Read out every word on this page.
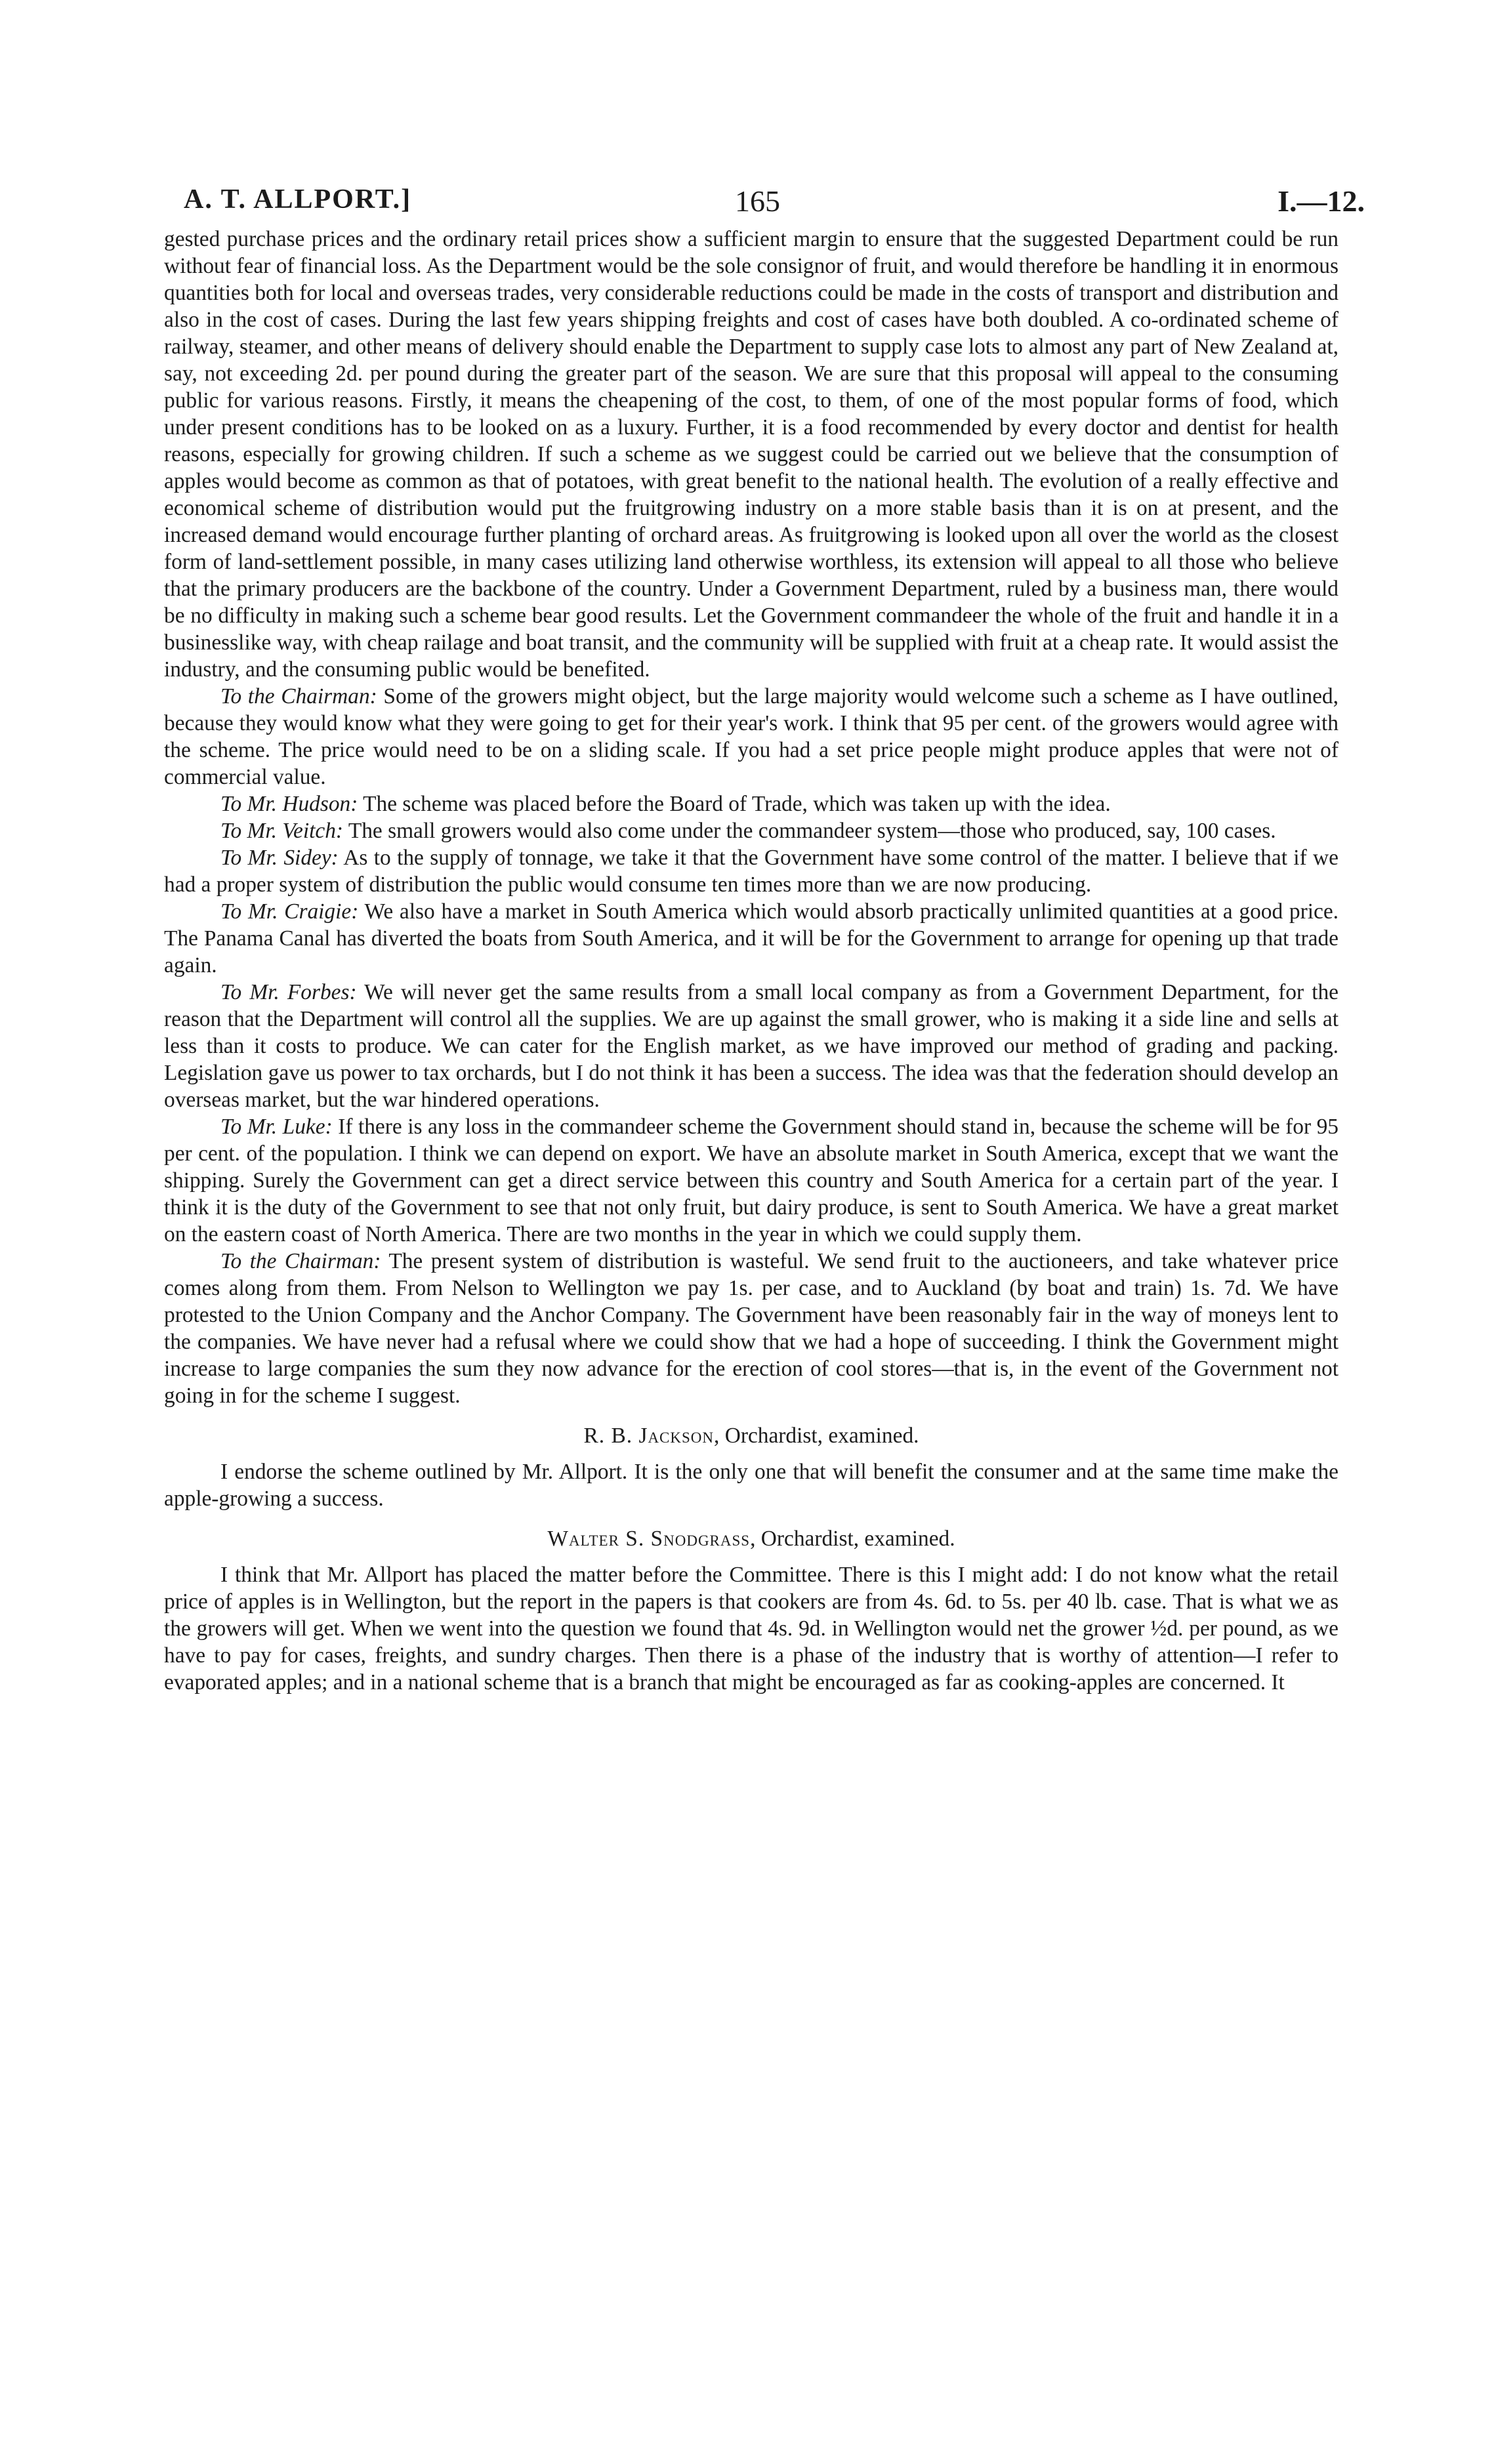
A. T. ALLPORT.]	165	I.—12.

gested purchase prices and the ordinary retail prices show a sufficient margin to ensure that the suggested Department could be run without fear of financial loss. As the Department would be the sole consignor of fruit, and would therefore be handling it in enormous quantities both for local and overseas trades, very considerable reductions could be made in the costs of transport and distribution and also in the cost of cases. During the last few years shipping freights and cost of cases have both doubled. A co-ordinated scheme of railway, steamer, and other means of delivery should enable the Department to supply case lots to almost any part of New Zealand at, say, not exceeding 2d. per pound during the greater part of the season. We are sure that this proposal will appeal to the consuming public for various reasons. Firstly, it means the cheapening of the cost, to them, of one of the most popular forms of food, which under present conditions has to be looked on as a luxury. Further, it is a food recommended by every doctor and dentist for health reasons, especially for growing children. If such a scheme as we suggest could be carried out we believe that the consumption of apples would become as common as that of potatoes, with great benefit to the national health. The evolution of a really effective and economical scheme of distribution would put the fruitgrowing industry on a more stable basis than it is on at present, and the increased demand would encourage further planting of orchard areas. As fruitgrowing is looked upon all over the world as the closest form of land-settlement possible, in many cases utilizing land otherwise worthless, its extension will appeal to all those who believe that the primary producers are the backbone of the country. Under a Government Department, ruled by a business man, there would be no difficulty in making such a scheme bear good results. Let the Government commandeer the whole of the fruit and handle it in a businesslike way, with cheap railage and boat transit, and the community will be supplied with fruit at a cheap rate. It would assist the industry, and the consuming public would be benefited.

To the Chairman: Some of the growers might object, but the large majority would welcome such a scheme as I have outlined, because they would know what they were going to get for their year's work. I think that 95 per cent. of the growers would agree with the scheme. The price would need to be on a sliding scale. If you had a set price people might produce apples that were not of commercial value.

To Mr. Hudson: The scheme was placed before the Board of Trade, which was taken up with the idea.

To Mr. Veitch: The small growers would also come under the commandeer system—those who produced, say, 100 cases.

To Mr. Sidey: As to the supply of tonnage, we take it that the Government have some control of the matter. I believe that if we had a proper system of distribution the public would consume ten times more than we are now producing.

To Mr. Craigie: We also have a market in South America which would absorb practically unlimited quantities at a good price. The Panama Canal has diverted the boats from South America, and it will be for the Government to arrange for opening up that trade again.

To Mr. Forbes: We will never get the same results from a small local company as from a Government Department, for the reason that the Department will control all the supplies. We are up against the small grower, who is making it a side line and sells at less than it costs to produce. We can cater for the English market, as we have improved our method of grading and packing. Legislation gave us power to tax orchards, but I do not think it has been a success. The idea was that the federation should develop an overseas market, but the war hindered operations.

To Mr. Luke: If there is any loss in the commandeer scheme the Government should stand in, because the scheme will be for 95 per cent. of the population. I think we can depend on export. We have an absolute market in South America, except that we want the shipping. Surely the Government can get a direct service between this country and South America for a certain part of the year. I think it is the duty of the Government to see that not only fruit, but dairy produce, is sent to South America. We have a great market on the eastern coast of North America. There are two months in the year in which we could supply them.

To the Chairman: The present system of distribution is wasteful. We send fruit to the auctioneers, and take whatever price comes along from them. From Nelson to Wellington we pay 1s. per case, and to Auckland (by boat and train) 1s. 7d. We have protested to the Union Company and the Anchor Company. The Government have been reasonably fair in the way of moneys lent to the companies. We have never had a refusal where we could show that we had a hope of succeeding. I think the Government might increase to large companies the sum they now advance for the erection of cool stores—that is, in the event of the Government not going in for the scheme I suggest.

R. B. Jackson, Orchardist, examined.

I endorse the scheme outlined by Mr. Allport. It is the only one that will benefit the consumer and at the same time make the apple-growing a success.

Walter S. Snodgrass, Orchardist, examined.

I think that Mr. Allport has placed the matter before the Committee. There is this I might add: I do not know what the retail price of apples is in Wellington, but the report in the papers is that cookers are from 4s. 6d. to 5s. per 40 lb. case. That is what we as the growers will get. When we went into the question we found that 4s. 9d. in Wellington would net the grower ½d. per pound, as we have to pay for cases, freights, and sundry charges. Then there is a phase of the industry that is worthy of attention—I refer to evaporated apples; and in a national scheme that is a branch that might be encouraged as far as cooking-apples are concerned. It
